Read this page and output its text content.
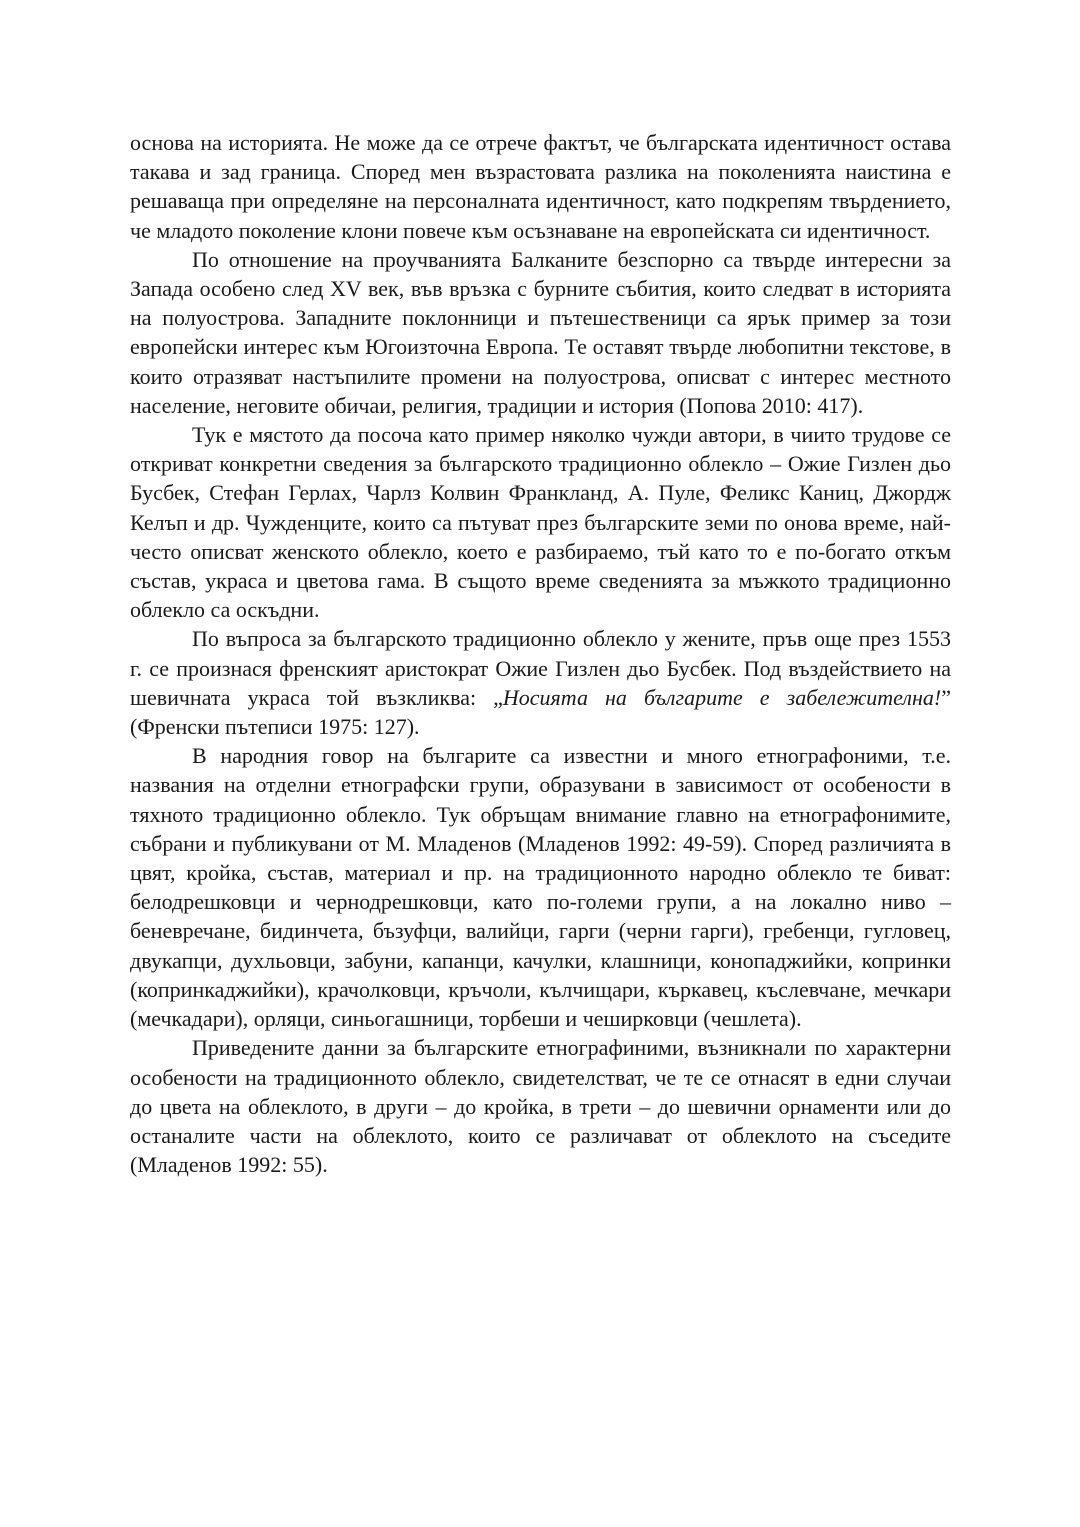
основа на историята. Не може да се отрече фактът, че българската идентичност остава такава и зад граница. Според мен възрастовата разлика на поколенията наистина е решаваща при определяне на персоналната идентичност, като подкрепям твърдението, че младото поколение клони повече към осъзнаване на европейската си идентичност.

По отношение на проучванията Балканите безспорно са твърде интересни за Запада особено след XV век, във връзка с бурните събития, които следват в историята на полуострова. Западните поклонници и пътешественици са ярък пример за този европейски интерес към Югоизточна Европа. Те оставят твърде любопитни текстове, в които отразяват настъпилите промени на полуострова, описват с интерес местното население, неговите обичаи, религия, традиции и история (Попова 2010: 417).

Тук е мястото да посоча като пример няколко чужди автори, в чиито трудове се откриват конкретни сведения за българското традиционно облекло – Ожие Гизлен дьо Бусбек, Стефан Герлах, Чарлз Колвин Франкланд, А. Пуле, Феликс Каниц, Джордж Келъп и др. Чужденците, които са пътуват през българските земи по онова време, най-често описват женското облекло, което е разбираемо, тъй като то е по-богато откъм състав, украса и цветова гама. В същото време сведенията за мъжкото традиционно облекло са оскъдни.

По въпроса за българското традиционно облекло у жените, пръв още през 1553 г. се произнася френският аристократ Ожие Гизлен дьо Бусбек. Под въздействието на шевичната украса той възкликва: „Носията на българите е забележителна!” (Френски пътеписи 1975: 127).

В народния говор на българите са известни и много етнографоними, т.е. названия на отделни етнографски групи, образувани в зависимост от особености в тяхното традиционно облекло. Тук обръщам внимание главно на етнографонимите, събрани и публикувани от М. Младенов (Младенов 1992: 49-59). Според различията в цвят, кройка, състав, материал и пр. на традиционното народно облекло те биват: белодрешковци и чернодрешковци, като по-големи групи, а на локално ниво – беневречане, бидинчета, бъзуфци, валийци, гарги (черни гарги), гребенци, гугловец, двукапци, духльовци, забуни, капанци, качулки, клашници, конопаджийки, копринки (копринкаджийки), крачолковци, кръчоли, кълчищари, къркавец, къслевчане, мечкари (мечкадари), орляци, синьогашници, торбеши и чеширковци (чешлета).

Приведените данни за българските етнографиними, възникнали по характерни особености на традиционното облекло, свидетелстват, че те се отнасят в едни случаи до цвета на облеклото, в други – до кройка, в трети – до шевични орнаменти или до останалите части на облеклото, които се различават от облеклото на съседите (Младенов 1992: 55).
